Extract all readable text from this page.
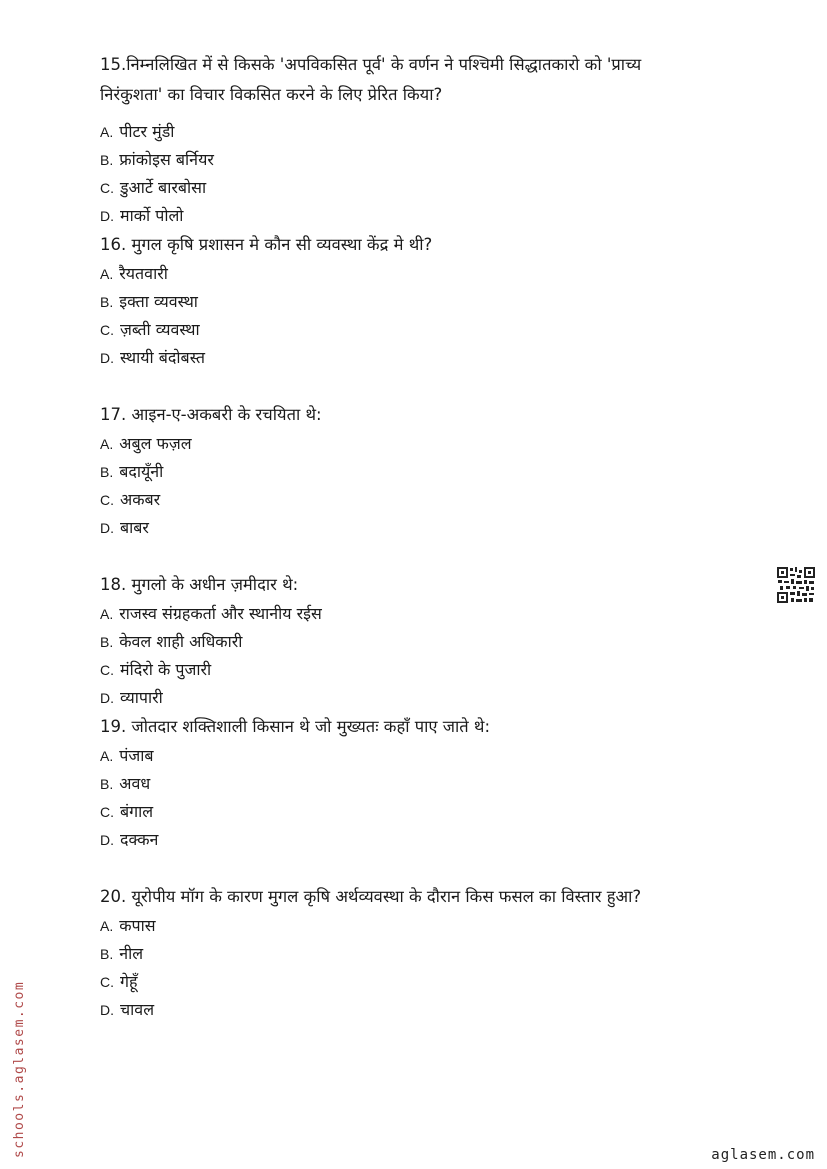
15.निम्नलिखित में से किसके 'अपविकसित पूर्व' के वर्णन ने पश्चिमी सिद्धातकारो को 'प्राच्य निरंकुशता' का विचार विकसित करने के लिए प्रेरित किया?

A. पीटर मुंडी

B. फ्रांकोइस बर्नियर

C. डुआर्टे बारबोसा

D. मार्को पोलो

16. मुगल कृषि प्रशासन मे कौन सी व्यवस्था केंद्र मे थी?

A. रैयतवारी

B. इक्ता व्यवस्था

C. ज़ब्ती व्यवस्था

D. स्थायी बंदोबस्त

17. आइन-ए-अकबरी के रचयिता थे:

A. अबुल फज़ल

B. बदायूँनी

C. अकबर

D. बाबर

18. मुगलो के अधीन ज़मीदार थे:

A. राजस्व संग्रहकर्ता और स्थानीय रईस

B. केवल शाही अधिकारी

C. मंदिरो के पुजारी

D. व्यापारी

19. जोतदार शक्तिशाली किसान थे जो मुख्यतः कहाँ पाए जाते थे:

A. पंजाब

B. अवध

C. बंगाल

D. दक्कन

20. यूरोपीय मॉग के कारण मुगल कृषि अर्थव्यवस्था के दौरान किस फसल का विस्तार हुआ?

A. कपास

B. नील

C. गेहूँ

D. चावल

schools.aglasem.com	aglasem.com
